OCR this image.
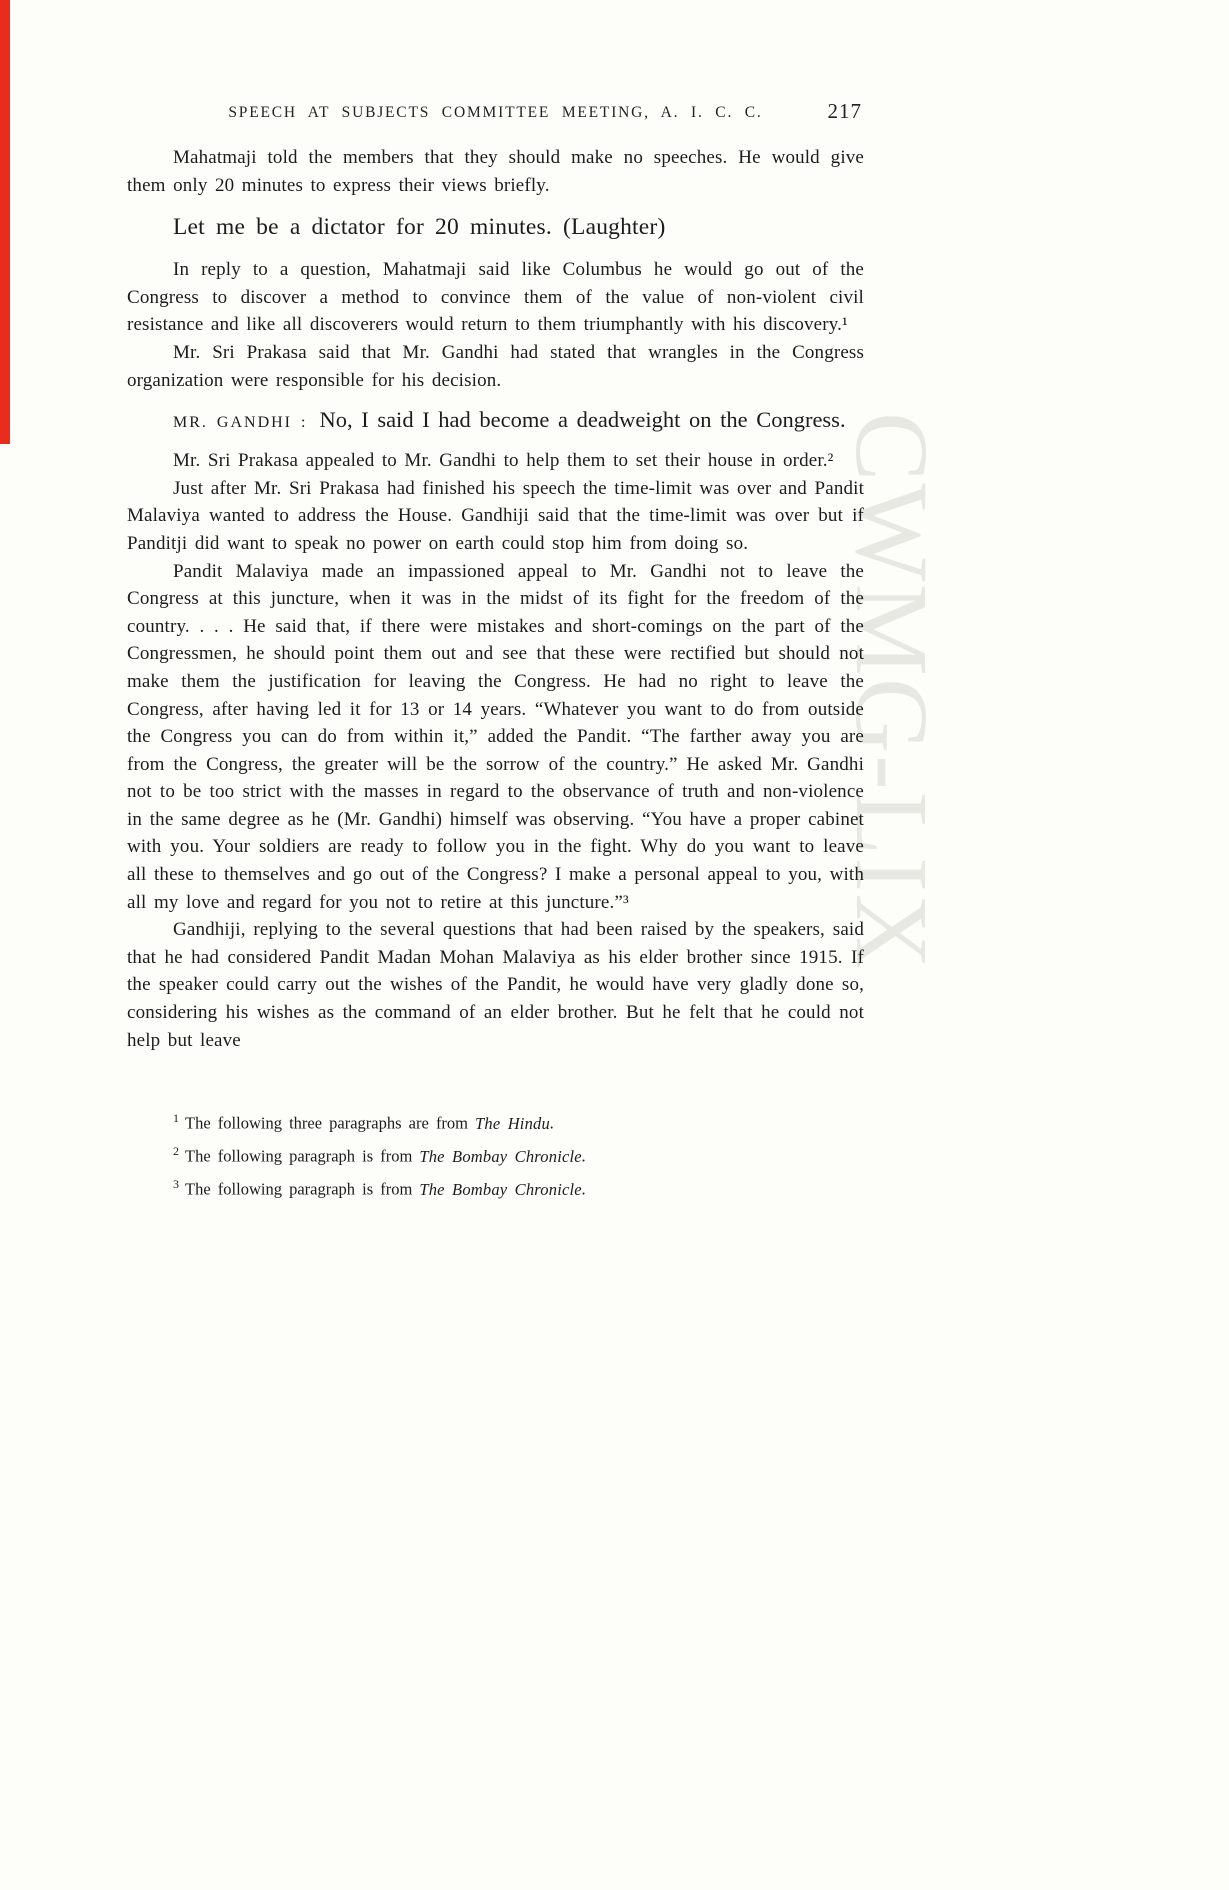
CWMG-LIX
SPEECH AT SUBJECTS COMMITTEE MEETING, A. I. C. C.	217

Mahatmaji told the members that they should make no speeches. He would give them only 20 minutes to express their views briefly.

Let me be a dictator for 20 minutes. (Laughter)

In reply to a question, Mahatmaji said like Columbus he would go out of the Congress to discover a method to convince them of the value of non-violent civil resistance and like all discoverers would return to them triumphantly with his discovery.¹

Mr. Sri Prakasa said that Mr. Gandhi had stated that wrangles in the Congress organization were responsible for his decision.

MR. GANDHI : No, I said I had become a deadweight on the Congress.

Mr. Sri Prakasa appealed to Mr. Gandhi to help them to set their house in order.²

Just after Mr. Sri Prakasa had finished his speech the time-limit was over and Pandit Malaviya wanted to address the House. Gandhiji said that the time-limit was over but if Panditji did want to speak no power on earth could stop him from doing so.

Pandit Malaviya made an impassioned appeal to Mr. Gandhi not to leave the Congress at this juncture, when it was in the midst of its fight for the freedom of the country. . . . He said that, if there were mistakes and short-comings on the part of the Congressmen, he should point them out and see that these were rectified but should not make them the justification for leaving the Congress. He had no right to leave the Congress, after having led it for 13 or 14 years. “Whatever you want to do from outside the Congress you can do from within it,” added the Pandit. “The farther away you are from the Congress, the greater will be the sorrow of the country.” He asked Mr. Gandhi not to be too strict with the masses in regard to the observance of truth and non-violence in the same degree as he (Mr. Gandhi) himself was observing. “You have a proper cabinet with you. Your soldiers are ready to follow you in the fight. Why do you want to leave all these to themselves and go out of the Congress? I make a personal appeal to you, with all my love and regard for you not to retire at this juncture.”³

Gandhiji, replying to the several questions that had been raised by the speakers, said that he had considered Pandit Madan Mohan Malaviya as his elder brother since 1915. If the speaker could carry out the wishes of the Pandit, he would have very gladly done so, considering his wishes as the command of an elder brother. But he felt that he could not help but leave

$^1$ The following three paragraphs are from The Hindu.

$^2$ The following paragraph is from The Bombay Chronicle.

$^3$ The following paragraph is from The Bombay Chronicle.
